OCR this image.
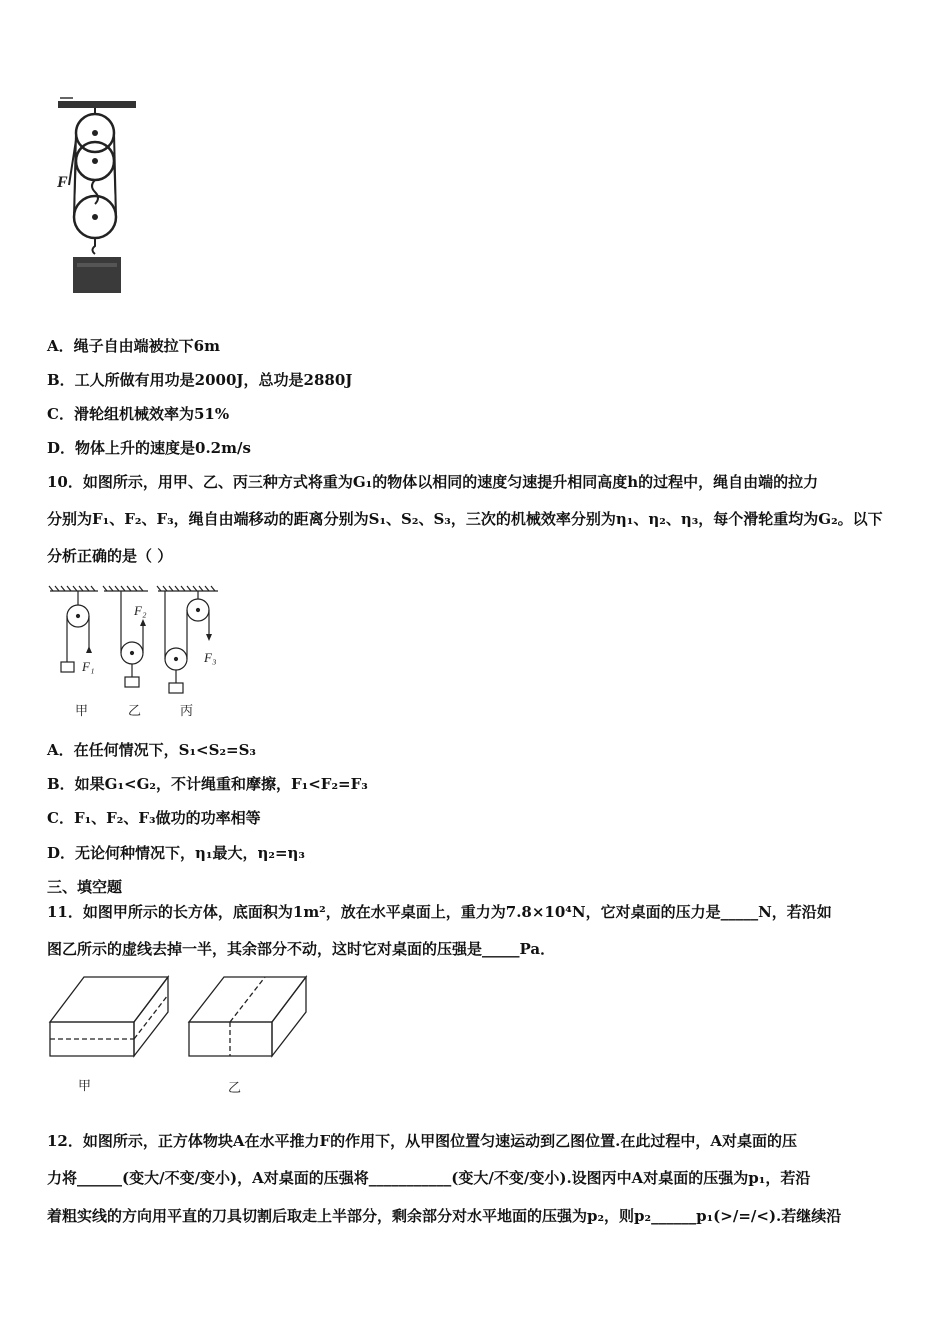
F
A．绳子自由端被拉下6m
B．工人所做有用功是2000J，总功是2880J
C．滑轮组机械效率为51%
D．物体上升的速度是0.2m/s
10．如图所示，用甲、乙、丙三种方式将重为G₁的物体以相同的速度匀速提升相同高度h的过程中，绳自由端的拉力
分别为F₁、F₂、F₃，绳自由端移动的距离分别为S₁、S₂、S₃，三次的机械效率分别为η₁、η₂、η₃，每个滑轮重均为G₂。以下
分析正确的是（ ）
F₁
F₂
F₃
甲	乙	丙
A．在任何情况下，S₁<S₂=S₃
B．如果G₁<G₂，不计绳重和摩擦，F₁<F₂=F₃
C．F₁、F₂、F₃做功的功率相等
D．无论何种情况下，η₁最大，η₂=η₃
三、填空题
11．如图甲所示的长方体，底面积为1m²，放在水平桌面上，重力为7.8×10⁴N，它对桌面的压力是_____N，若沿如
图乙所示的虚线去掉一半，其余部分不动，这时它对桌面的压强是_____Pa．
甲	乙
12．如图所示，正方体物块A在水平推力F的作用下，从甲图位置匀速运动到乙图位置.在此过程中，A对桌面的压
力将______(变大/不变/变小)，A对桌面的压强将___________(变大/不变/变小).设图丙中A对桌面的压强为p₁，若沿
着粗实线的方向用平直的刀具切割后取走上半部分，剩余部分对水平地面的压强为p₂，则p₂______p₁(>/=/<).若继续沿
